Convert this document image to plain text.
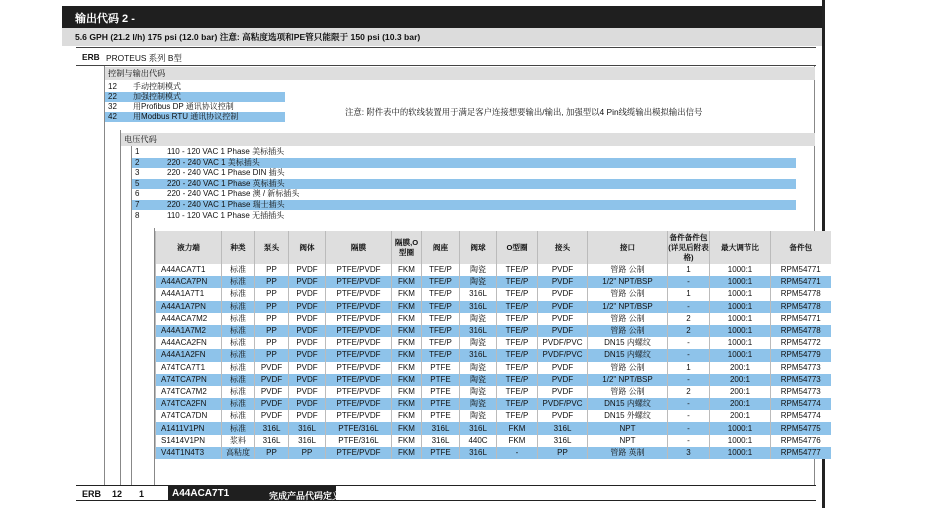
输出代码 2 -
5.6 GPH (21.2 l/h) 175 psi (12.0 bar) 注意: 高粘度选项和PE管只能限于 150 psi (10.3 bar)
ERB PROTEUS 系列 B型
控制与输出代码
12 手动控制模式
22 加强控制模式
32 用Profibus DP 通讯协议控制
42 用Modbus RTU 通讯协议控制	注意: 附件表中的软线装置用于满足客户连接想要输出/输出, 加强型以4 Pin线缆输出模拟输出信号
电压代码
1	110 - 120 VAC 1 Phase 美标插头
2	220 - 240 VAC 1 美标插头
3	220 - 240 VAC 1 Phase DIN 插头
5	220 - 240 VAC 1 Phase 英标插头
6	220 - 240 VAC 1 Phase 澳 / 新标插头
7	220 - 240 VAC 1 Phase 瑞士插头
8	110 - 120 VAC 1 Phase 无插插头
液力端	种类	泵头	阀体	隔膜	隔膜,O型圈	阀座	阀球	O型圈	接头	接口	备件备件包(详见后附表格)	最大调节比	备件包
A44ACA7T1	标准	PP	PVDF	PTFE/PVDF	FKM	TFE/P	陶瓷	TFE/P	PVDF	管路 公制	1	1000:1	RPM54771
A44ACA7PN	标准	PP	PVDF	PTFE/PVDF	FKM	TFE/P	陶瓷	TFE/P	PVDF	1/2" NPT/BSP	-	1000:1	RPM54771
A44A1A7T1	标准	PP	PVDF	PTFE/PVDF	FKM	TFE/P	316L	TFE/P	PVDF	管路 公制	1	1000:1	RPM54778
A44A1A7PN	标准	PP	PVDF	PTFE/PVDF	FKM	TFE/P	316L	TFE/P	PVDF	1/2" NPT/BSP	-	1000:1	RPM54778
A44ACA7M2	标准	PP	PVDF	PTFE/PVDF	FKM	TFE/P	陶瓷	TFE/P	PVDF	管路 公制	2	1000:1	RPM54771
A44A1A7M2	标准	PP	PVDF	PTFE/PVDF	FKM	TFE/P	316L	TFE/P	PVDF	管路 公制	2	1000:1	RPM54778
A44ACA2FN	标准	PP	PVDF	PTFE/PVDF	FKM	TFE/P	陶瓷	TFE/P	PVDF/PVC	DN15 内螺纹	-	1000:1	RPM54772
A44A1A2FN	标准	PP	PVDF	PTFE/PVDF	FKM	TFE/P	316L	TFE/P	PVDF/PVC	DN15 内螺纹	-	1000:1	RPM54779
A74TCA7T1	标准	PVDF	PVDF	PTFE/PVDF	FKM	PTFE	陶瓷	TFE/P	PVDF	管路 公制	1	200:1	RPM54773
A74TCA7PN	标准	PVDF	PVDF	PTFE/PVDF	FKM	PTFE	陶瓷	TFE/P	PVDF	1/2" NPT/BSP	-	200:1	RPM54773
A74TCA7M2	标准	PVDF	PVDF	PTFE/PVDF	FKM	PTFE	陶瓷	TFE/P	PVDF	管路 公制	2	200:1	RPM54773
A74TCA2FN	标准	PVDF	PVDF	PTFE/PVDF	FKM	PTFE	陶瓷	TFE/P	PVDF/PVC	DN15 内螺纹	-	200:1	RPM54774
A74TCA7DN	标准	PVDF	PVDF	PTFE/PVDF	FKM	PTFE	陶瓷	TFE/P	PVDF	DN15 外螺纹	-	200:1	RPM54774
A1411V1PN	标准	316L	316L	PTFE/316L	FKM	316L	316L	FKM	316L	NPT	-	1000:1	RPM54775
S1414V1PN	浆料	316L	316L	PTFE/316L	FKM	316L	440C	FKM	316L	NPT	-	1000:1	RPM54776
V44T1N4T3	高粘度	PP	PP	PTFE/PVDF	FKM	PTFE	316L	-	PP	管路 英制	3	1000:1	RPM54777
ERB 12 1	A44ACA7T1	完成产品代码定义
